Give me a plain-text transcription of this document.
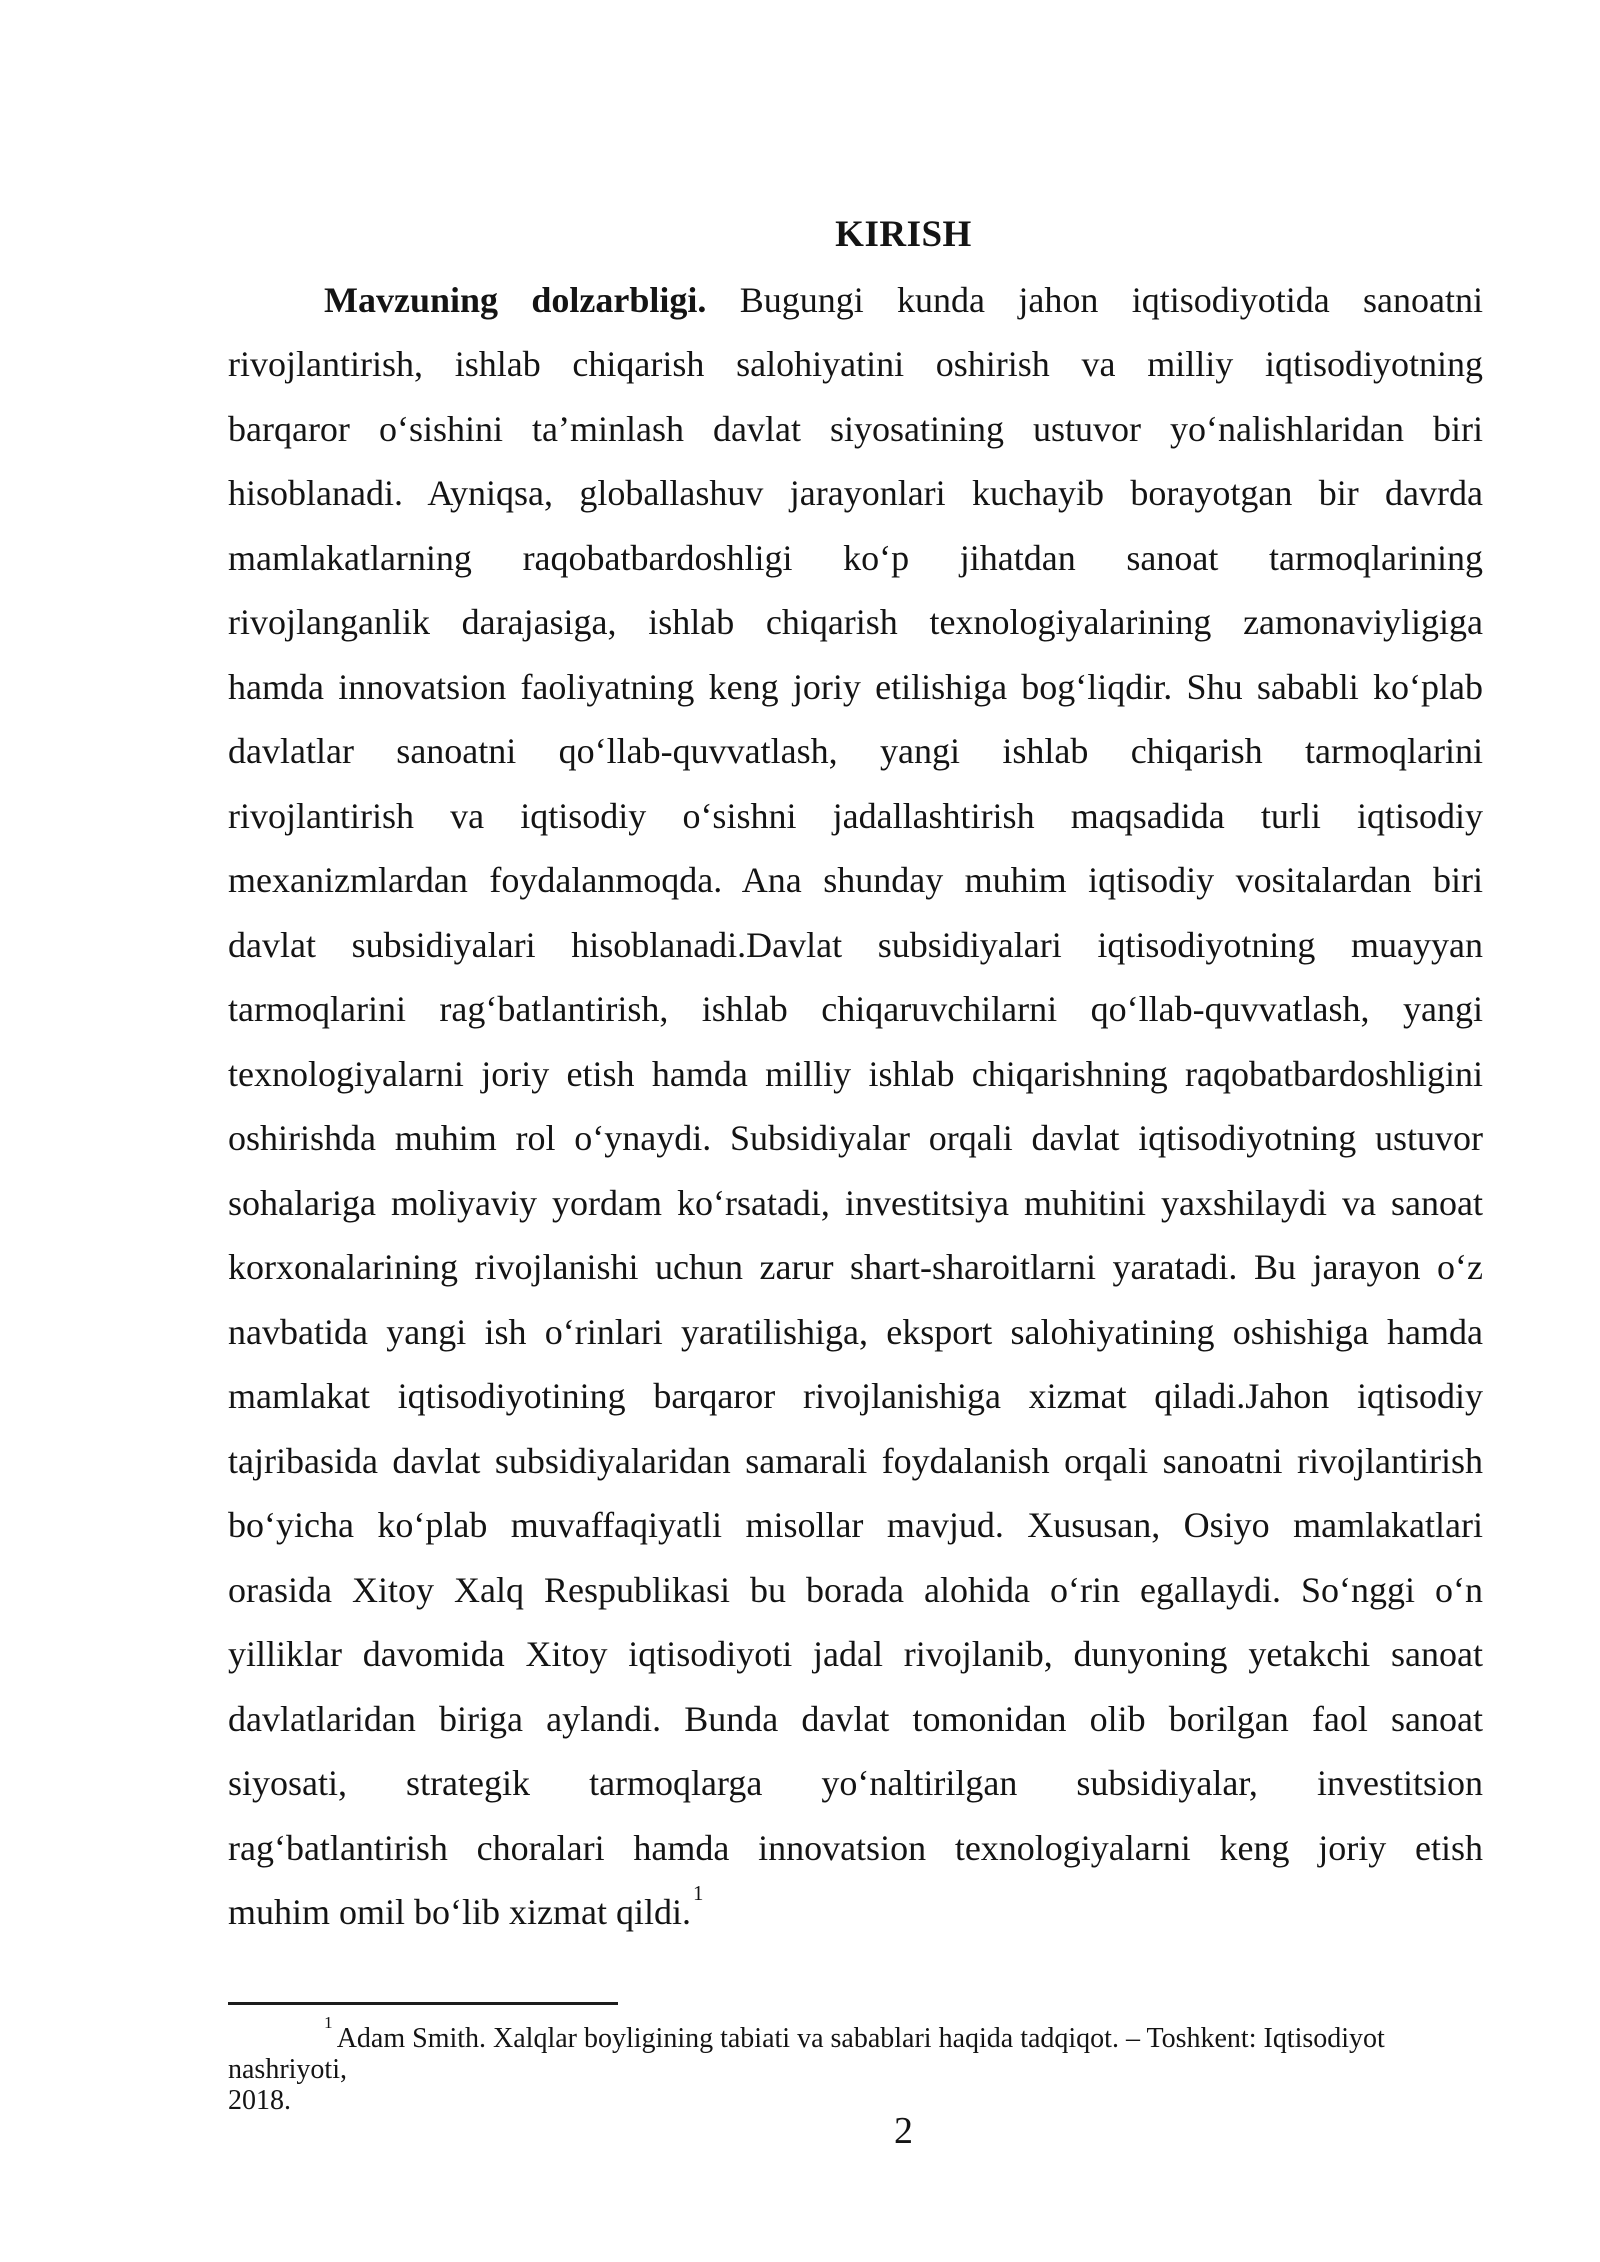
KIRISH
Mavzuning dolzarbligi. Bugungi kunda jahon iqtisodiyotida sanoatni
rivojlantirish, ishlab chiqarish salohiyatini oshirish va milliy iqtisodiyotning
barqaror o‘sishini ta’minlash davlat siyosatining ustuvor yo‘nalishlaridan biri
hisoblanadi. Ayniqsa, globallashuv jarayonlari kuchayib borayotgan bir davrda
mamlakatlarning raqobatbardoshligi ko‘p jihatdan sanoat tarmoqlarining
rivojlanganlik darajasiga, ishlab chiqarish texnologiyalarining zamonaviyligiga
hamda innovatsion faoliyatning keng joriy etilishiga bog‘liqdir. Shu sababli ko‘plab
davlatlar sanoatni qo‘llab-quvvatlash, yangi ishlab chiqarish tarmoqlarini
rivojlantirish va iqtisodiy o‘sishni jadallashtirish maqsadida turli iqtisodiy
mexanizmlardan foydalanmoqda. Ana shunday muhim iqtisodiy vositalardan biri
davlat subsidiyalari hisoblanadi.Davlat subsidiyalari iqtisodiyotning muayyan
tarmoqlarini rag‘batlantirish, ishlab chiqaruvchilarni qo‘llab-quvvatlash, yangi
texnologiyalarni joriy etish hamda milliy ishlab chiqarishning raqobatbardoshligini
oshirishda muhim rol o‘ynaydi. Subsidiyalar orqali davlat iqtisodiyotning ustuvor
sohalariga moliyaviy yordam ko‘rsatadi, investitsiya muhitini yaxshilaydi va sanoat
korxonalarining rivojlanishi uchun zarur shart-sharoitlarni yaratadi. Bu jarayon o‘z
navbatida yangi ish o‘rinlari yaratilishiga, eksport salohiyatining oshishiga hamda
mamlakat iqtisodiyotining barqaror rivojlanishiga xizmat qiladi.Jahon iqtisodiy
tajribasida davlat subsidiyalaridan samarali foydalanish orqali sanoatni rivojlantirish
bo‘yicha ko‘plab muvaffaqiyatli misollar mavjud. Xususan, Osiyo mamlakatlari
orasida Xitoy Xalq Respublikasi bu borada alohida o‘rin egallaydi. So‘nggi o‘n
yilliklar davomida Xitoy iqtisodiyoti jadal rivojlanib, dunyoning yetakchi sanoat
davlatlaridan biriga aylandi. Bunda davlat tomonidan olib borilgan faol sanoat
siyosati, strategik tarmoqlarga yo‘naltirilgan subsidiyalar, investitsion
rag‘batlantirish choralari hamda innovatsion texnologiyalarni keng joriy etish
muhim omil bo‘lib xizmat qildi.$^1$
$^1$Adam Smith. Xalqlar boyligining tabiati va sabablari haqida tadqiqot. – Toshkent: Iqtisodiyot nashriyoti,
2018.
2
